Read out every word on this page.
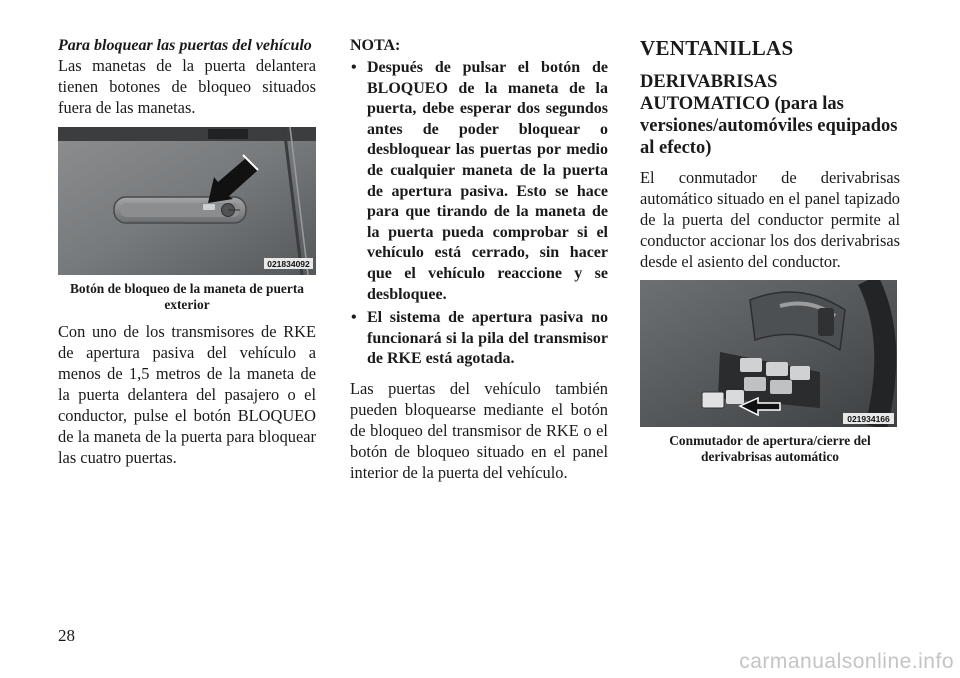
Para bloquear las puertas del vehículo

Las manetas de la puerta delantera tienen botones de bloqueo situados fuera de las manetas.

021834092

Botón de bloqueo de la maneta de puerta exterior

Con uno de los transmisores de RKE de apertura pasiva del vehículo a menos de 1,5 metros de la maneta de la puerta delantera del pasajero o el conductor, pulse el botón BLOQUEO de la maneta de la puerta para bloquear las cuatro puertas.

NOTA:

• Después de pulsar el botón de BLOQUEO de la maneta de la puerta, debe esperar dos segundos antes de poder bloquear o desbloquear las puertas por medio de cualquier maneta de la puerta de apertura pasiva. Esto se hace para que tirando de la maneta de la puerta pueda comprobar si el vehículo está cerrado, sin hacer que el vehículo reaccione y se desbloquee.
• El sistema de apertura pasiva no funcionará si la pila del transmisor de RKE está agotada.

Las puertas del vehículo también pueden bloquearse mediante el botón de bloqueo del transmisor de RKE o el botón de bloqueo situado en el panel interior de la puerta del vehículo.

VENTANILLAS

DERIVABRISAS AUTOMATICO (para las versiones/automóviles equipados al efecto)

El conmutador de derivabrisas automático situado en el panel tapizado de la puerta del conductor permite al conductor accionar los dos derivabrisas desde el asiento del conductor.

021934166

Conmutador de apertura/cierre del derivabrisas automático

28
carmanualsonline.info
